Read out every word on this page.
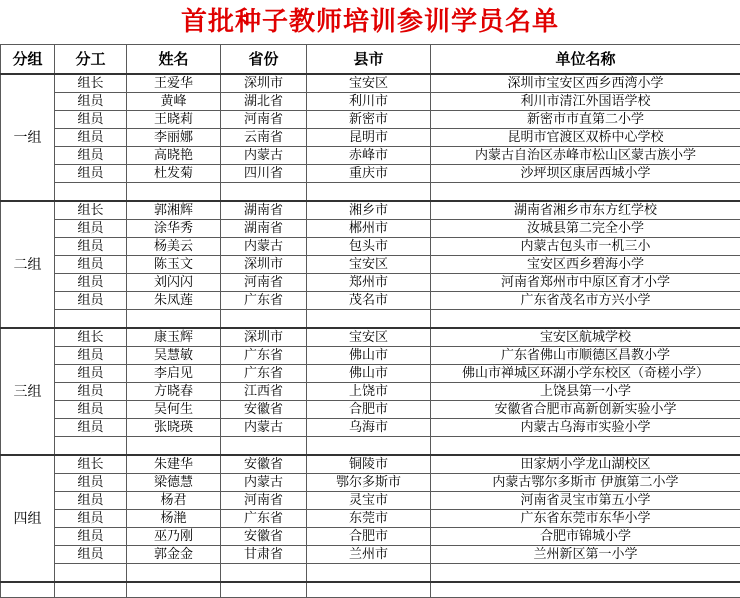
首批种子教师培训参训学员名单
分组	分工	姓名	省份	县市	单位名称
一组	组长	王爱华	深圳市	宝安区	深圳市宝安区西乡西湾小学
	组员	黄峰	湖北省	利川市	利川市清江外国语学校
	组员	王晓莉	河南省	新密市	新密市市直第二小学
	组员	李丽娜	云南省	昆明市	昆明市官渡区双桥中心学校
	组员	高晓艳	内蒙古	赤峰市	内蒙古自治区赤峰市松山区蒙古族小学
	组员	杜发菊	四川省	重庆市	沙坪坝区康居西城小学

二组	组长	郭湘辉	湖南省	湘乡市	湖南省湘乡市东方红学校
	组员	涂华秀	湖南省	郴州市	汝城县第二完全小学
	组员	杨美云	内蒙古	包头市	内蒙古包头市一机三小
	组员	陈玉文	深圳市	宝安区	宝安区西乡碧海小学
	组员	刘闪闪	河南省	郑州市	河南省郑州市中原区育才小学
	组员	朱凤莲	广东省	茂名市	广东省茂名市方兴小学

三组	组长	康玉辉	深圳市	宝安区	宝安区航城学校
	组员	吴慧敏	广东省	佛山市	广东省佛山市顺德区昌教小学
	组员	李启见	广东省	佛山市	佛山市禅城区环湖小学东校区（奇槎小学）
	组员	方晓春	江西省	上饶市	上饶县第一小学
	组员	吴何生	安徽省	合肥市	安徽省合肥市高新创新实验小学
	组员	张晓瑛	内蒙古	乌海市	内蒙古乌海市实验小学

四组	组长	朱建华	安徽省	铜陵市	田家炳小学龙山湖校区
	组员	梁德慧	内蒙古	鄂尔多斯市	内蒙古鄂尔多斯市 伊旗第二小学
	组员	杨君	河南省	灵宝市	河南省灵宝市第五小学
	组员	杨滟	广东省	东莞市	广东省东莞市东华小学
	组员	巫乃刚	安徽省	合肥市	合肥市锦城小学
	组员	郭金金	甘肃省	兰州市	兰州新区第一小学
